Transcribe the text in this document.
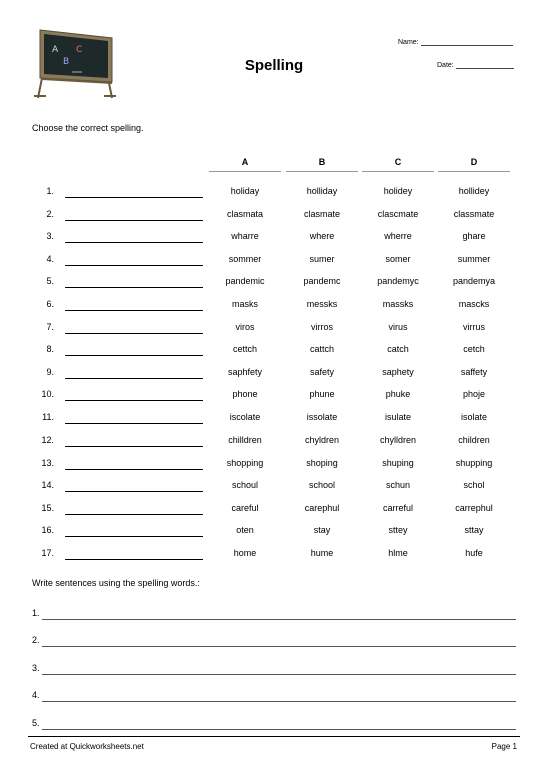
A
B
C
Spelling
Name:
Date:
Choose the correct spelling.
A	B	C	D
1.	holiday	holliday	holidey	hollidey
2.	clasmata	clasmate	clascmate	classmate
3.	wharre	where	wherre	ghare
4.	sommer	sumer	somer	summer
5.	pandemic	pandemc	pandemyc	pandemya
6.	masks	messks	massks	mascks
7.	viros	virros	virus	virrus
8.	cettch	cattch	catch	cetch
9.	saphfety	safety	saphety	saffety
10.	phone	phune	phuke	phoje
11.	iscolate	issolate	isulate	isolate
12.	chilldren	chyldren	chylldren	children
13.	shopping	shoping	shuping	shupping
14.	schoul	school	schun	schol
15.	careful	carephul	carreful	carrephul
16.	oten	stay	sttey	sttay
17.	home	hume	hlme	hufe
Write sentences using the spelling words.:
1.
2.
3.
4.
5.
Created at Quickworksheets.net	Page 1
